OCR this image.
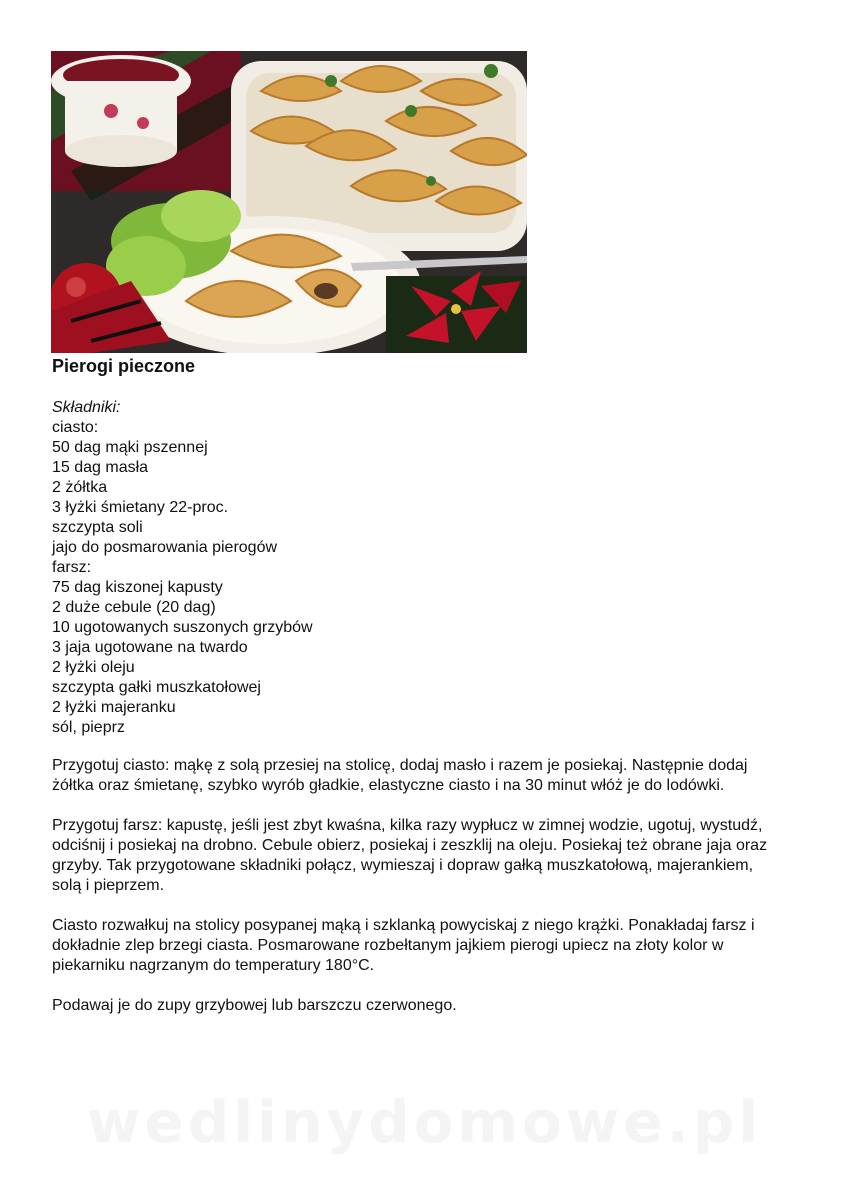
Pierogi pieczone
Składniki:
ciasto:
50 dag mąki pszennej
15 dag masła
2 żółtka
3 łyżki śmietany 22-proc.
szczypta soli
jajo do posmarowania pierogów
farsz:
75 dag kiszonej kapusty
2 duże cebule (20 dag)
10 ugotowanych suszonych grzybów
3 jaja ugotowane na twardo
2 łyżki oleju
szczypta gałki muszkatołowej
2 łyżki majeranku
sól, pieprz

Przygotuj ciasto: mąkę z solą przesiej na stolicę, dodaj masło i razem je posiekaj. Następnie dodaj żółtka oraz śmietanę, szybko wyrób gładkie, elastyczne ciasto i na 30 minut włóż je do lodówki.

Przygotuj farsz: kapustę, jeśli jest zbyt kwaśna, kilka razy wypłucz w zimnej wodzie, ugotuj, wystudź, odciśnij i posiekaj na drobno. Cebule obierz, posiekaj i zeszklij na oleju. Posiekaj też obrane jaja oraz grzyby. Tak przygotowane składniki połącz, wymieszaj i dopraw gałką muszkatołową, majerankiem, solą i pieprzem.

Ciasto rozwałkuj na stolicy posypanej mąką i szklanką powyciskaj z niego krążki. Ponakładaj farsz i dokładnie zlep brzegi ciasta. Posmarowane rozbełtanym jajkiem pierogi upiecz na złoty kolor w piekarniku nagrzanym do temperatury 180°C.

Podawaj je do zupy grzybowej lub barszczu czerwonego.

wedlinydomowe.pl
